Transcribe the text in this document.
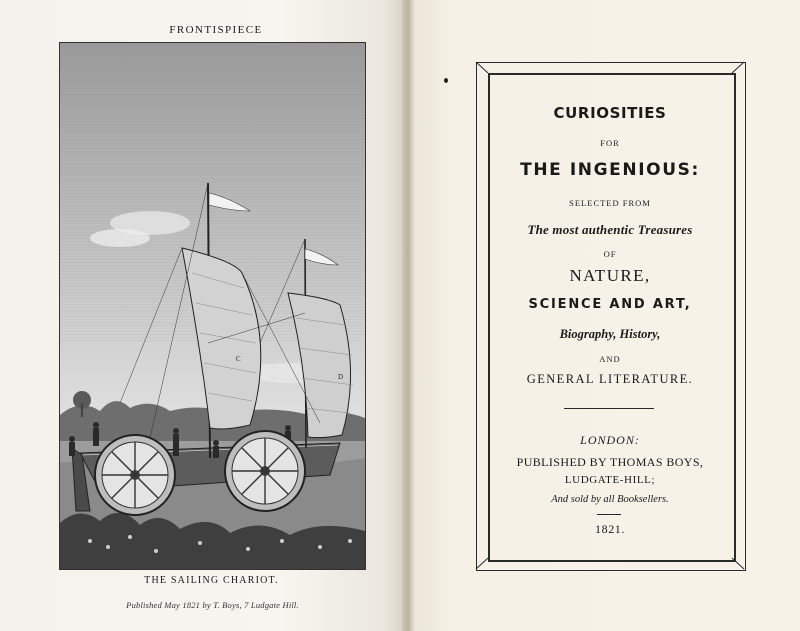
FRONTISPIECE
C
D
THE SAILING CHARIOT.
Published May 1821 by T. Boys, 7 Ludgate Hill.
CURIOSITIES
FOR
THE INGENIOUS:
SELECTED FROM
The most authentic Treasures
OF
NATURE,
SCIENCE AND ART,
Biography, History,
AND
GENERAL LITERATURE.
LONDON:
PUBLISHED BY THOMAS BOYS,
LUDGATE-HILL;
And sold by all Booksellers.
1821.
